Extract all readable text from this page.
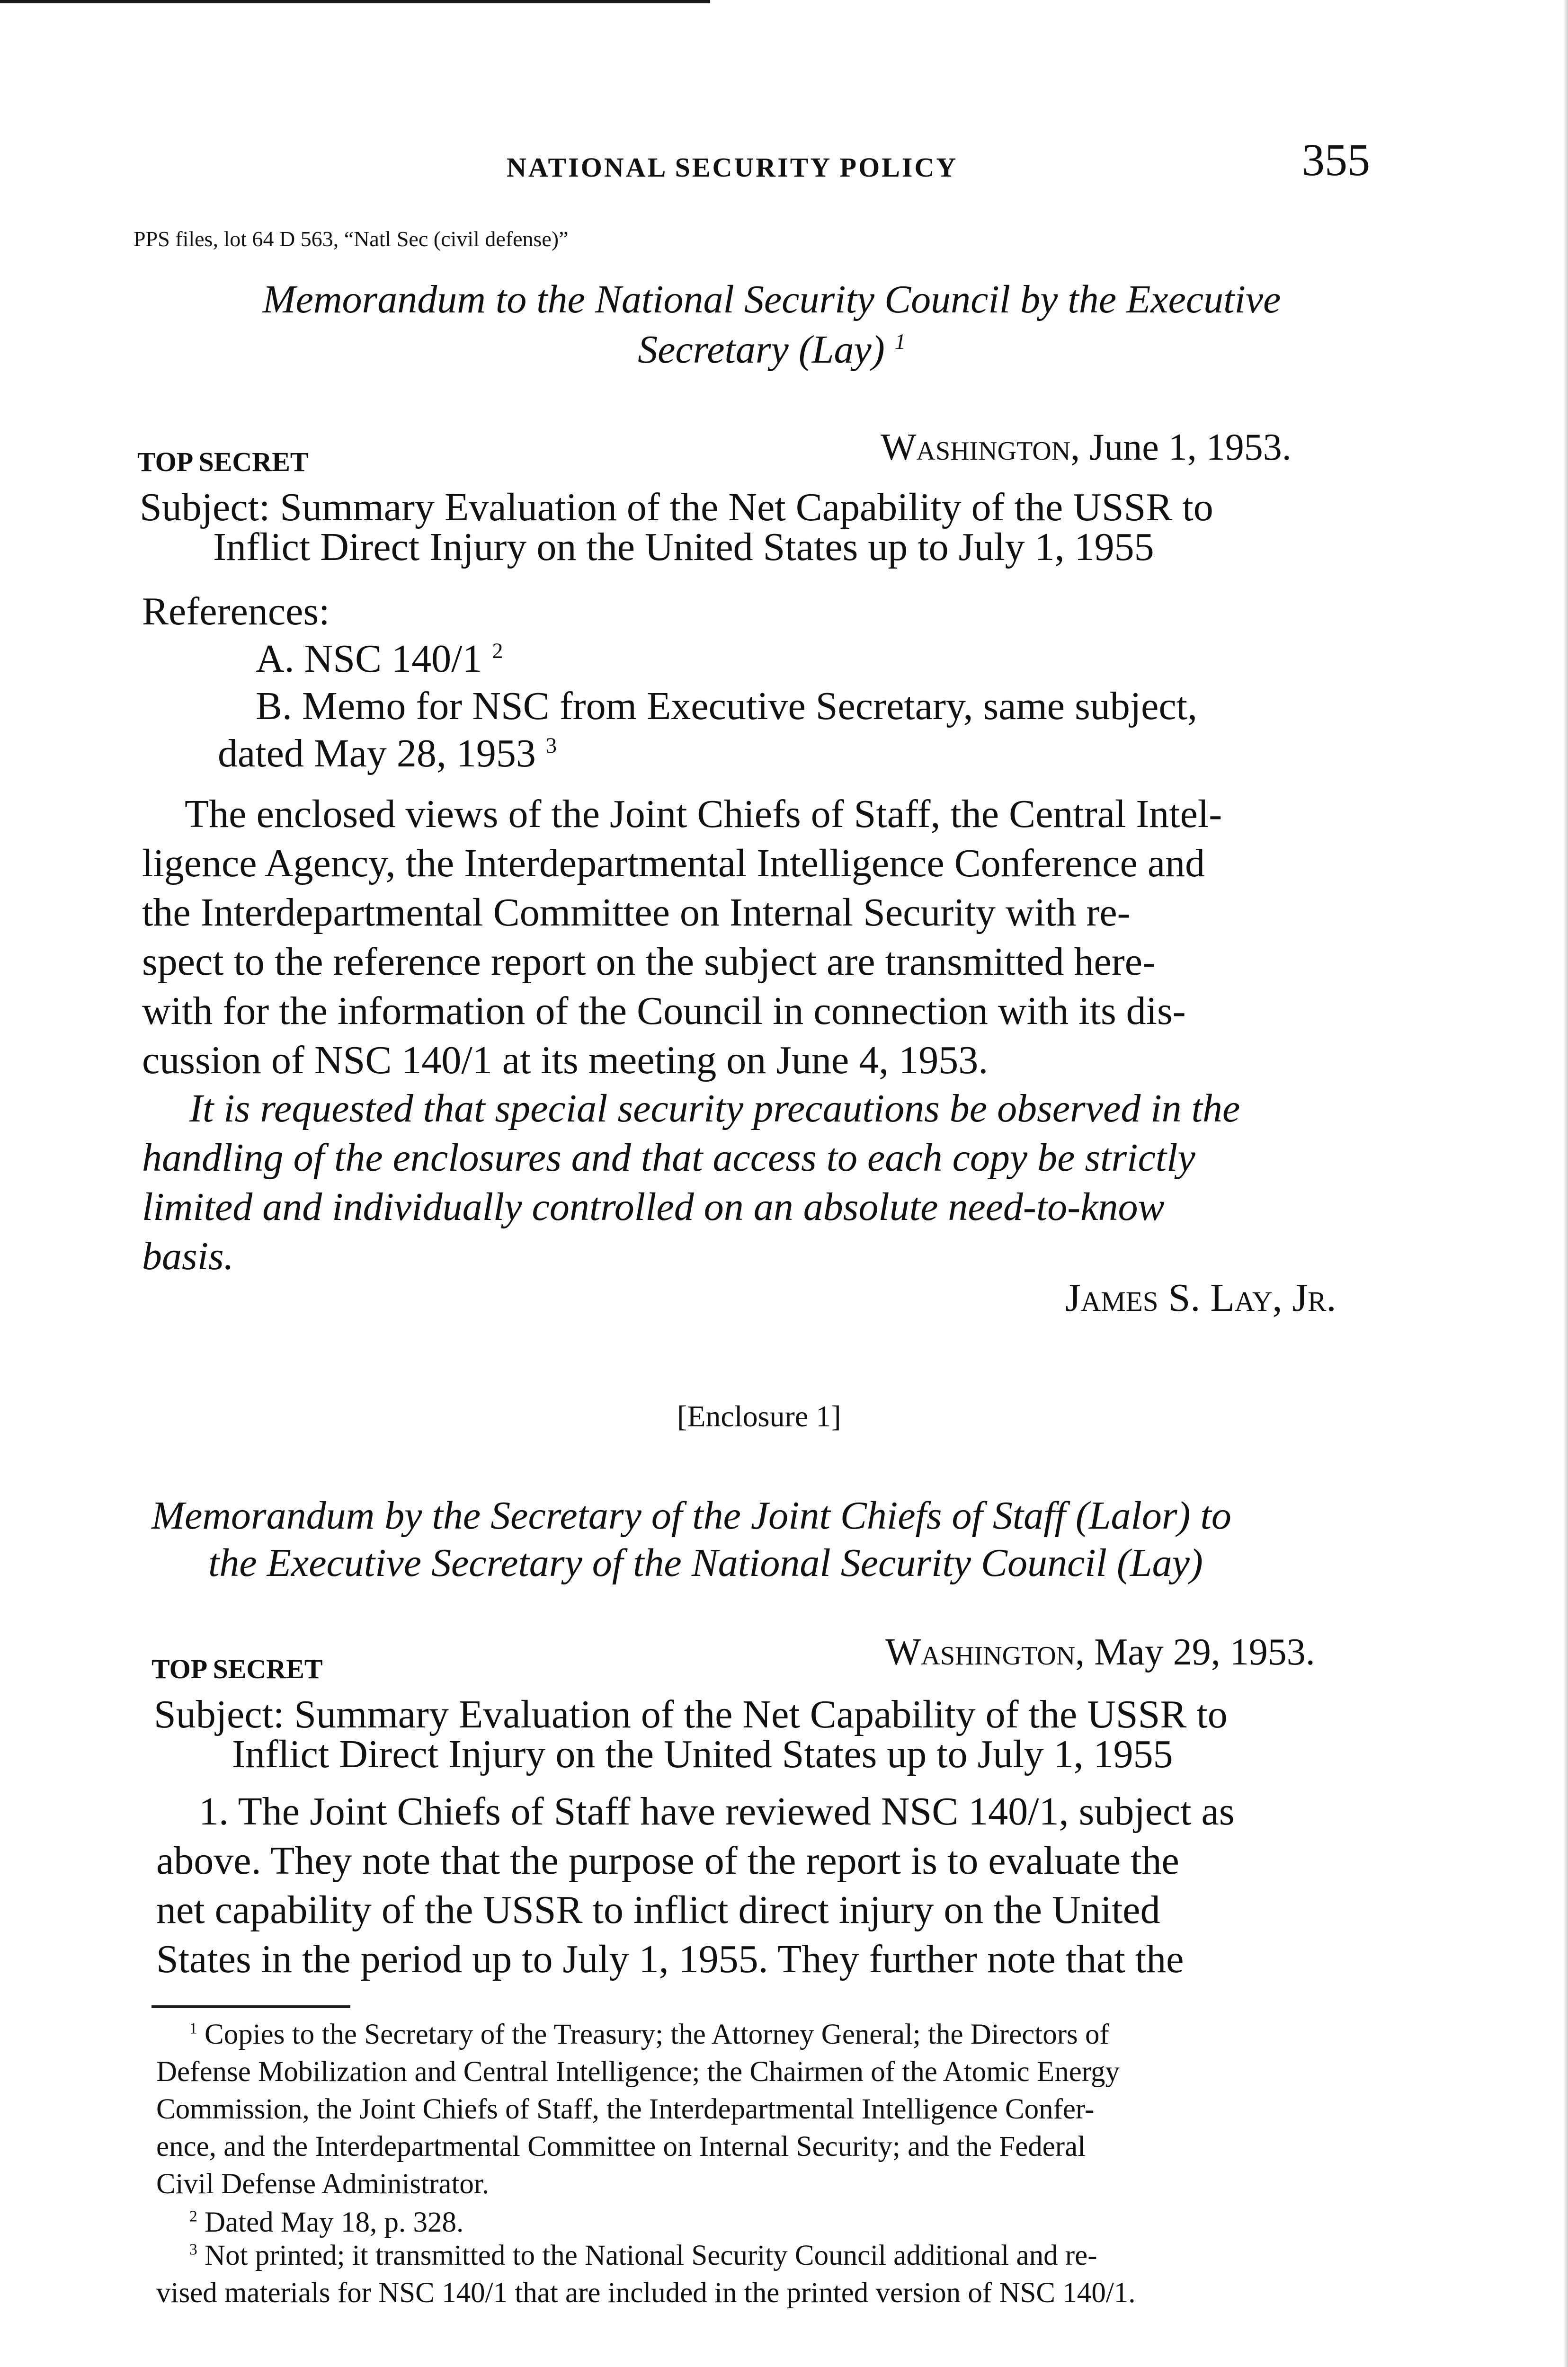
NATIONAL SECURITY POLICY	355
PPS files, lot 64 D 563, “Natl Sec (civil defense)”
Memorandum to the National Security Council by the Executive
Secretary (Lay) $^1$
TOP SECRET	Washington, June 1, 1953.
Subject: Summary Evaluation of the Net Capability of the USSR to
Inflict Direct Injury on the United States up to July 1, 1955
References:
A. NSC 140/1 $^2$
B. Memo for NSC from Executive Secretary, same subject,
dated May 28, 1953 $^3$
The enclosed views of the Joint Chiefs of Staff, the Central Intel-
ligence Agency, the Interdepartmental Intelligence Conference and
the Interdepartmental Committee on Internal Security with re-
spect to the reference report on the subject are transmitted here-
with for the information of the Council in connection with its dis-
cussion of NSC 140/1 at its meeting on June 4, 1953.
It is requested that special security precautions be observed in the
handling of the enclosures and that access to each copy be strictly
limited and individually controlled on an absolute need-to-know
basis.
James S. Lay, Jr.
[Enclosure 1]
Memorandum by the Secretary of the Joint Chiefs of Staff (Lalor) to
the Executive Secretary of the National Security Council (Lay)
TOP SECRET	Washington, May 29, 1953.
Subject: Summary Evaluation of the Net Capability of the USSR to
Inflict Direct Injury on the United States up to July 1, 1955
1. The Joint Chiefs of Staff have reviewed NSC 140/1, subject as
above. They note that the purpose of the report is to evaluate the
net capability of the USSR to inflict direct injury on the United
States in the period up to July 1, 1955. They further note that the
$^1$ Copies to the Secretary of the Treasury; the Attorney General; the Directors of
Defense Mobilization and Central Intelligence; the Chairmen of the Atomic Energy
Commission, the Joint Chiefs of Staff, the Interdepartmental Intelligence Confer-
ence, and the Interdepartmental Committee on Internal Security; and the Federal
Civil Defense Administrator.
$^2$ Dated May 18, p. 328.
$^3$ Not printed; it transmitted to the National Security Council additional and re-
vised materials for NSC 140/1 that are included in the printed version of NSC 140/1.
